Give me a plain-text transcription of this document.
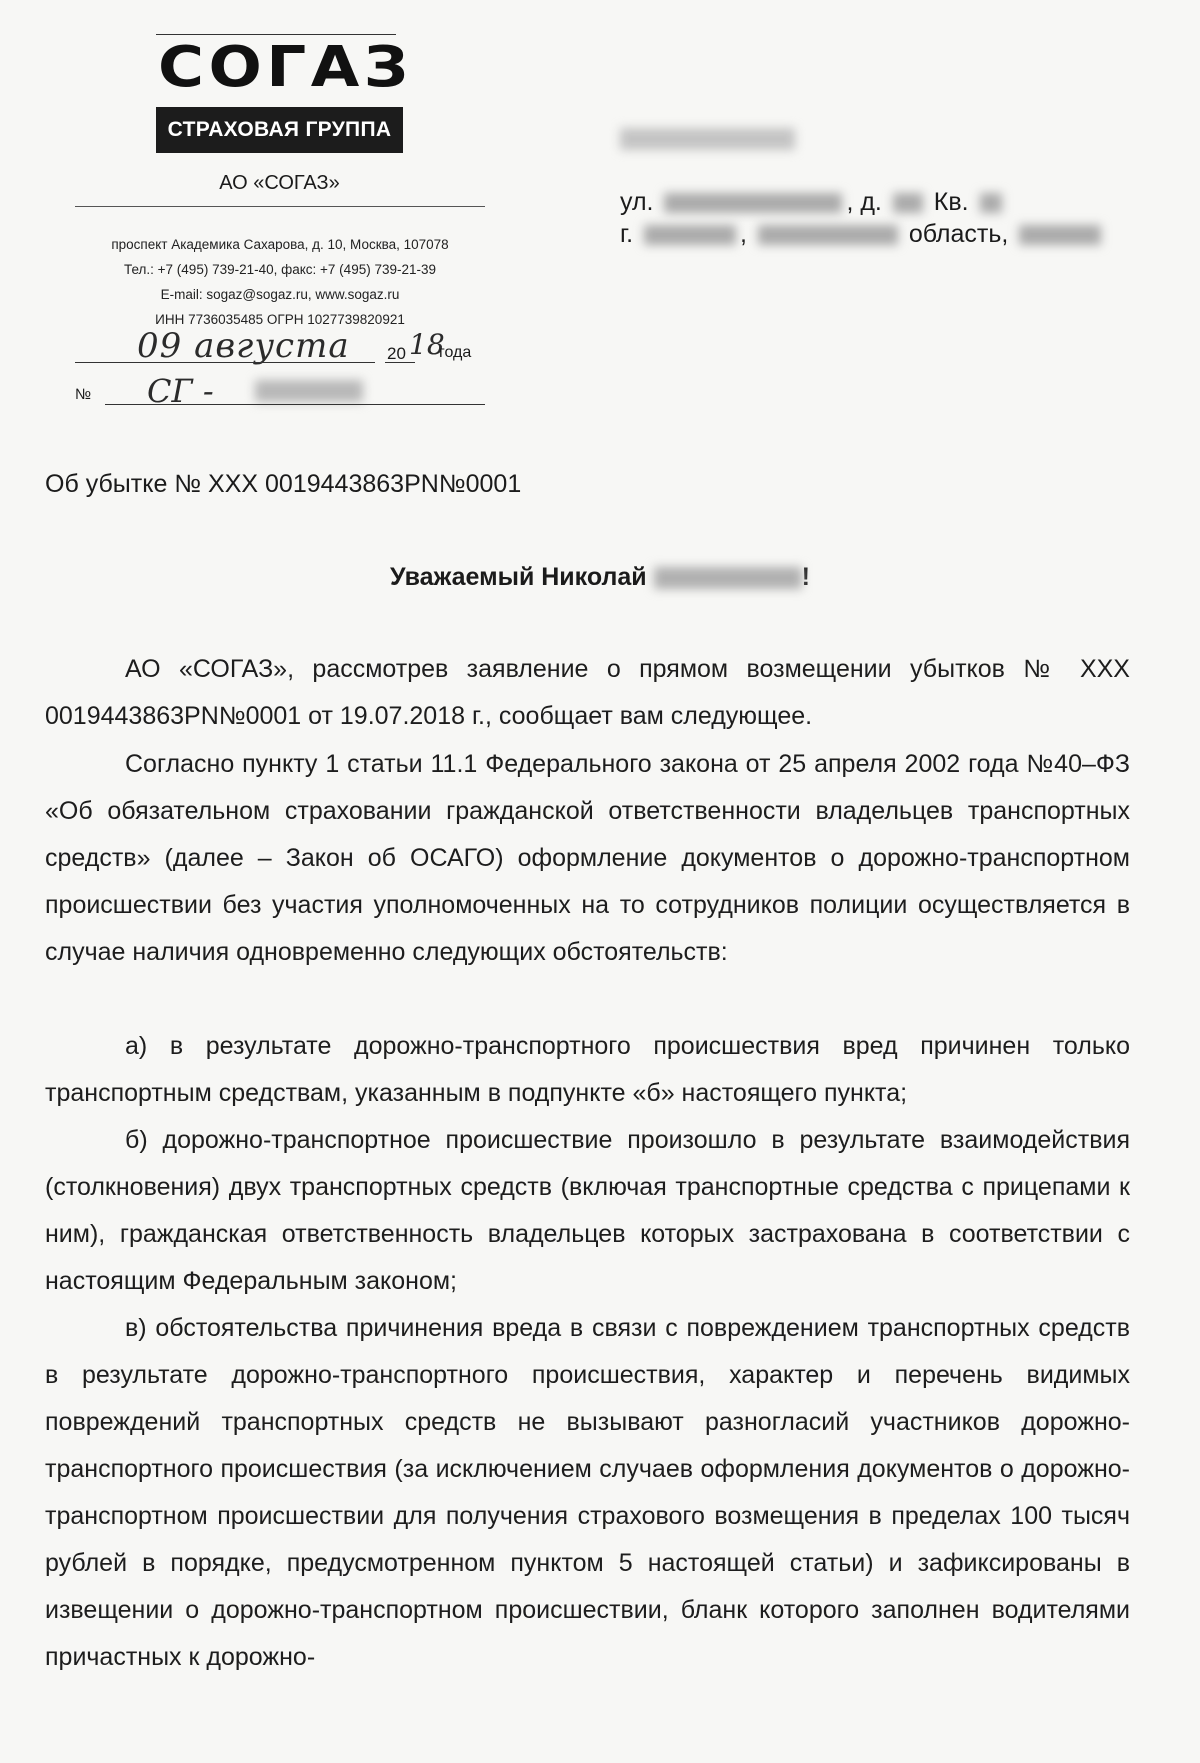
СОГАЗ
СТРАХОВАЯ ГРУППА
АО «СОГАЗ»
проспект Академика Сахарова, д. 10, Москва, 107078
Тел.: +7 (495) 739-21-40, факс: +7 (495) 739-21-39
E-mail: sogaz@sogaz.ru, www.sogaz.ru
ИНН 7736035485 ОГРН 1027739820921
09 августа 20 18
года
№ СГ -
ул.	, д. Кв.
г.	,	область,
Об убытке № ХХХ 0019443863PN№0001
Уважаемый Николай	!
АО «СОГАЗ», рассмотрев заявление о прямом возмещении убытков № XXX 0019443863PN№0001 от 19.07.2018 г., сообщает вам следующее.
Согласно пункту 1 статьи 11.1 Федерального закона от 25 апреля 2002 года №40–ФЗ «Об обязательном страховании гражданской ответственности владельцев транспортных средств» (далее – Закон об ОСАГО) оформление документов о дорожно-транспортном происшествии без участия уполномоченных на то сотрудников полиции осуществляется в случае наличия одновременно следующих обстоятельств:
а) в результате дорожно-транспортного происшествия вред причинен только транспортным средствам, указанным в подпункте «б» настоящего пункта;
б) дорожно-транспортное происшествие произошло в результате взаимодействия (столкновения) двух транспортных средств (включая транспортные средства с прицепами к ним), гражданская ответственность владельцев которых застрахована в соответствии с настоящим Федеральным законом;
в) обстоятельства причинения вреда в связи с повреждением транспортных средств в результате дорожно-транспортного происшествия, характер и перечень видимых повреждений транспортных средств не вызывают разногласий участников дорожно-транспортного происшествия (за исключением случаев оформления документов о дорожно-транспортном происшествии для получения страхового возмещения в пределах 100 тысяч рублей в порядке, предусмотренном пунктом 5 настоящей статьи) и зафиксированы в извещении о дорожно-транспортном происшествии, бланк которого заполнен водителями причастных к дорожно-
